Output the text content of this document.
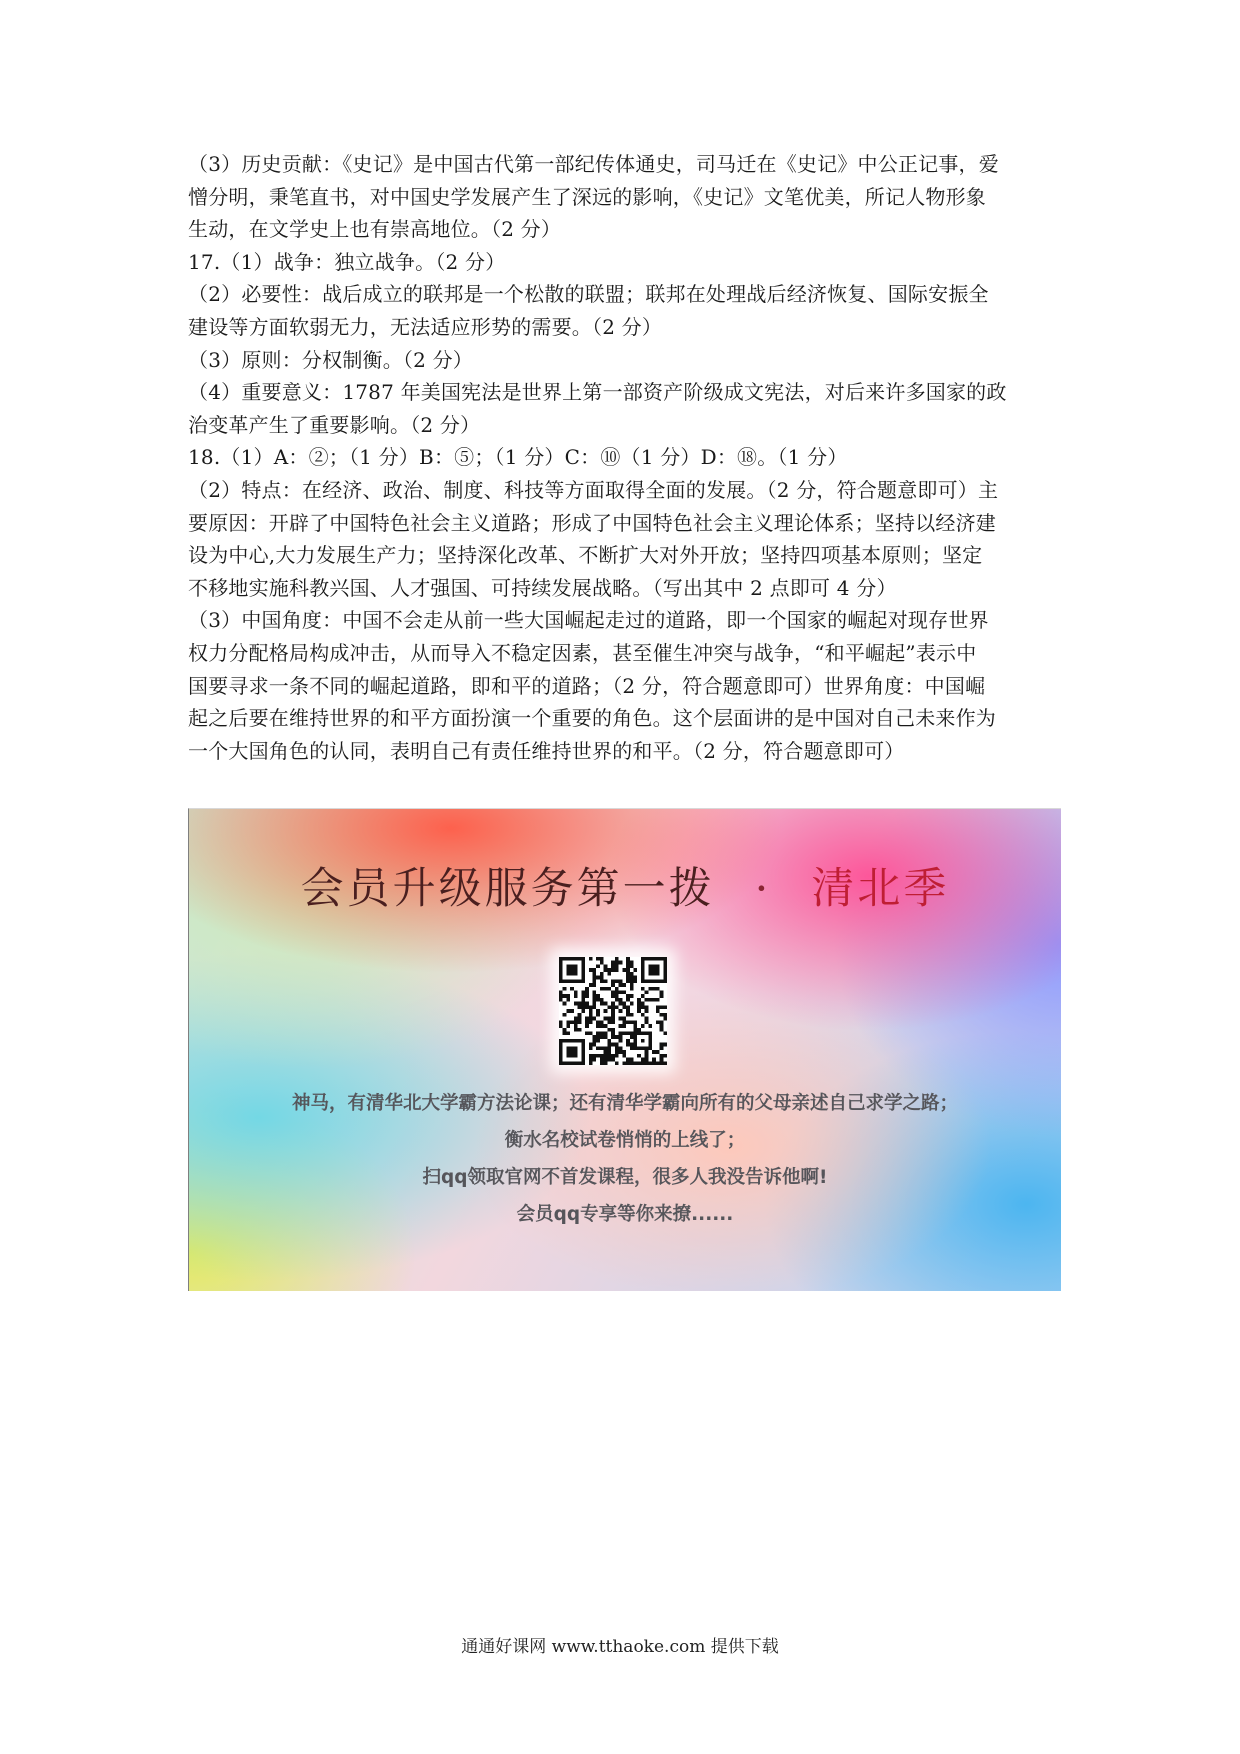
（3）历史贡献：《史记》是中国古代第一部纪传体通史，司马迁在《史记》中公正记事，爱
憎分明，秉笔直书，对中国史学发展产生了深远的影响，《史记》文笔优美，所记人物形象
生动，在文学史上也有崇高地位。（2 分）
17.（1）战争：独立战争。（2 分）
（2）必要性：战后成立的联邦是一个松散的联盟；联邦在处理战后经济恢复、国际安振全
建设等方面软弱无力，无法适应形势的需要。（2 分）
（3）原则：分权制衡。（2 分）
（4）重要意义：1787 年美国宪法是世界上第一部资产阶级成文宪法，对后来许多国家的政
治变革产生了重要影响。（2 分）
18.（1）A：②；（1 分）B：⑤；（1 分）C：⑩（1 分）D：⑱。（1 分）
（2）特点：在经济、政治、制度、科技等方面取得全面的发展。（2 分，符合题意即可）主
要原因：开辟了中国特色社会主义道路；形成了中国特色社会主义理论体系；坚持以经济建
设为中心,大力发展生产力；坚持深化改革、不断扩大对外开放；坚持四项基本原则；坚定
不移地实施科教兴国、人才强国、可持续发展战略。（写出其中 2 点即可 4 分）
（3）中国角度：中国不会走从前一些大国崛起走过的道路，即一个国家的崛起对现存世界
权力分配格局构成冲击，从而导入不稳定因素，甚至催生冲突与战争，“和平崛起”表示中
国要寻求一条不同的崛起道路，即和平的道路；（2 分，符合题意即可）世界角度：中国崛
起之后要在维持世界的和平方面扮演一个重要的角色。这个层面讲的是中国对自己未来作为
一个大国角色的认同，表明自己有责任维持世界的和平。（2 分，符合题意即可）
会员升级服务第一拨 · 清北季
神马，有清华北大学霸方法论课；还有清华学霸向所有的父母亲述自己求学之路；
衡水名校试卷悄悄的上线了；
扫qq领取官网不首发课程，很多人我没告诉他啊!
会员qq专享等你来撩......
通通好课网 www.tthaoke.com 提供下载
